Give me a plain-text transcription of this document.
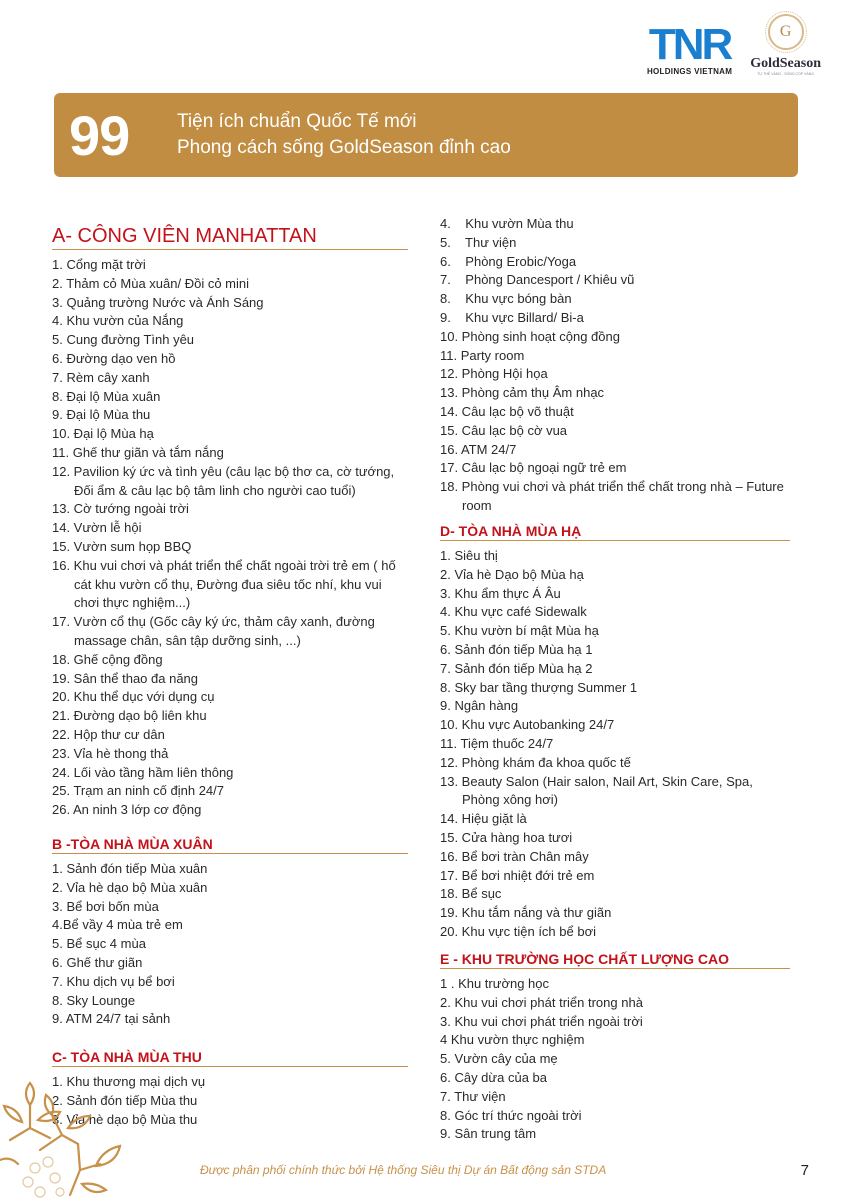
TNR
HOLDINGS VIETNAM
G
GoldSeason
TƯ THẾ VÀNG - SỐNG CỐP VÀNG
99	Tiện ích chuẩn Quốc Tế mới
Phong cách sống GoldSeason đỉnh cao
A- CÔNG VIÊN MANHATTAN
1. Cổng mặt trời
2. Thảm cỏ Mùa xuân/ Đồi cỏ mini
3. Quảng trường Nước và Ánh Sáng
4. Khu vườn của Nắng
5. Cung đường Tình yêu
6. Đường dạo ven hồ
7. Rèm cây xanh
8. Đại lộ Mùa xuân
9. Đại lộ Mùa thu
10. Đại lộ Mùa hạ
11. Ghế thư giãn và tắm nắng
12. Pavilion ký ức và tình yêu (câu lạc bộ thơ ca, cờ tướng, Đối ẩm & câu lạc bộ tâm linh cho người cao tuổi)
13. Cờ tướng ngoài trời
14. Vườn lễ hội
15. Vườn sum họp BBQ
16. Khu vui chơi và phát triển thể chất ngoài trời trẻ em ( hố cát khu vườn cổ thụ, Đường đua siêu tốc nhí, khu vui chơi thực nghiệm...)
17. Vườn cổ thụ (Gốc cây ký ức, thảm cây xanh, đường massage chân, sân tập dưỡng sinh, ...)
18. Ghế cộng đồng
19. Sân thể thao đa năng
20. Khu thể dục với dụng cụ
21. Đường dạo bộ liên khu
22. Hộp thư cư dân
23. Vỉa hè thong thả
24. Lối vào tầng hầm liên thông
25. Trạm an ninh cố định 24/7
26. An ninh 3 lớp cơ động
B -TÒA NHÀ MÙA XUÂN
1. Sảnh đón tiếp Mùa xuân
2. Vỉa hè dạo bộ Mùa xuân
3. Bể bơi bốn mùa
4.Bể vầy 4 mùa trẻ em
5. Bể sục 4 mùa
6. Ghế thư giãn
7. Khu dịch vụ bể bơi
8. Sky Lounge
9. ATM 24/7 tại sảnh
C- TÒA NHÀ MÙA THU
1. Khu thương mại dịch vụ
2. Sảnh đón tiếp Mùa thu
3. Vỉa hè dạo bộ Mùa thu
4.    Khu vườn Mùa thu
5.    Thư viện
6.    Phòng Erobic/Yoga
7.    Phòng Dancesport / Khiêu vũ
8.    Khu vực bóng bàn
9.    Khu vực Billard/ Bi-a
10. Phòng sinh hoạt cộng đồng
11. Party room
12. Phòng Hội họa
13. Phòng cảm thụ Âm nhạc
14. Câu lạc bộ võ thuật
15. Câu lạc bộ cờ vua
16. ATM 24/7
17. Câu lạc bộ ngoại ngữ trẻ em
18. Phòng vui chơi và phát triển thể chất trong nhà – Future room
D- TÒA NHÀ MÙA HẠ
1. Siêu thị
2. Vỉa hè Dạo bộ Mùa hạ
3. Khu ẩm thực Á Âu
4. Khu vực café Sidewalk
5. Khu vườn bí mật Mùa hạ
6. Sảnh đón tiếp Mùa hạ 1
7. Sảnh đón tiếp Mùa hạ 2
8. Sky bar tầng thượng Summer 1
9. Ngân hàng
10. Khu vực Autobanking 24/7
11. Tiệm thuốc 24/7
12. Phòng khám đa khoa quốc tế
13. Beauty Salon (Hair salon, Nail Art, Skin Care, Spa, Phòng xông hơi)
14. Hiệu giặt là
15. Cửa hàng hoa tươi
16. Bể bơi tràn Chân mây
17. Bể bơi nhiệt đới trẻ em
18. Bể sục
19. Khu tắm nắng và thư giãn
20. Khu vực tiện ích bể bơi
E - KHU TRƯỜNG HỌC CHẤT LƯỢNG CAO
1 . Khu trường học
2. Khu vui chơi phát triển trong nhà
3. Khu vui chơi phát triển ngoài trời
4 Khu vườn thực nghiệm
5. Vườn cây của mẹ
6. Cây dừa của ba
7. Thư viện
8. Góc trí thức ngoài trời
9. Sân trung tâm
Được phân phối chính thức bởi Hệ thống Siêu thị Dự án Bất động sản STDA	7
